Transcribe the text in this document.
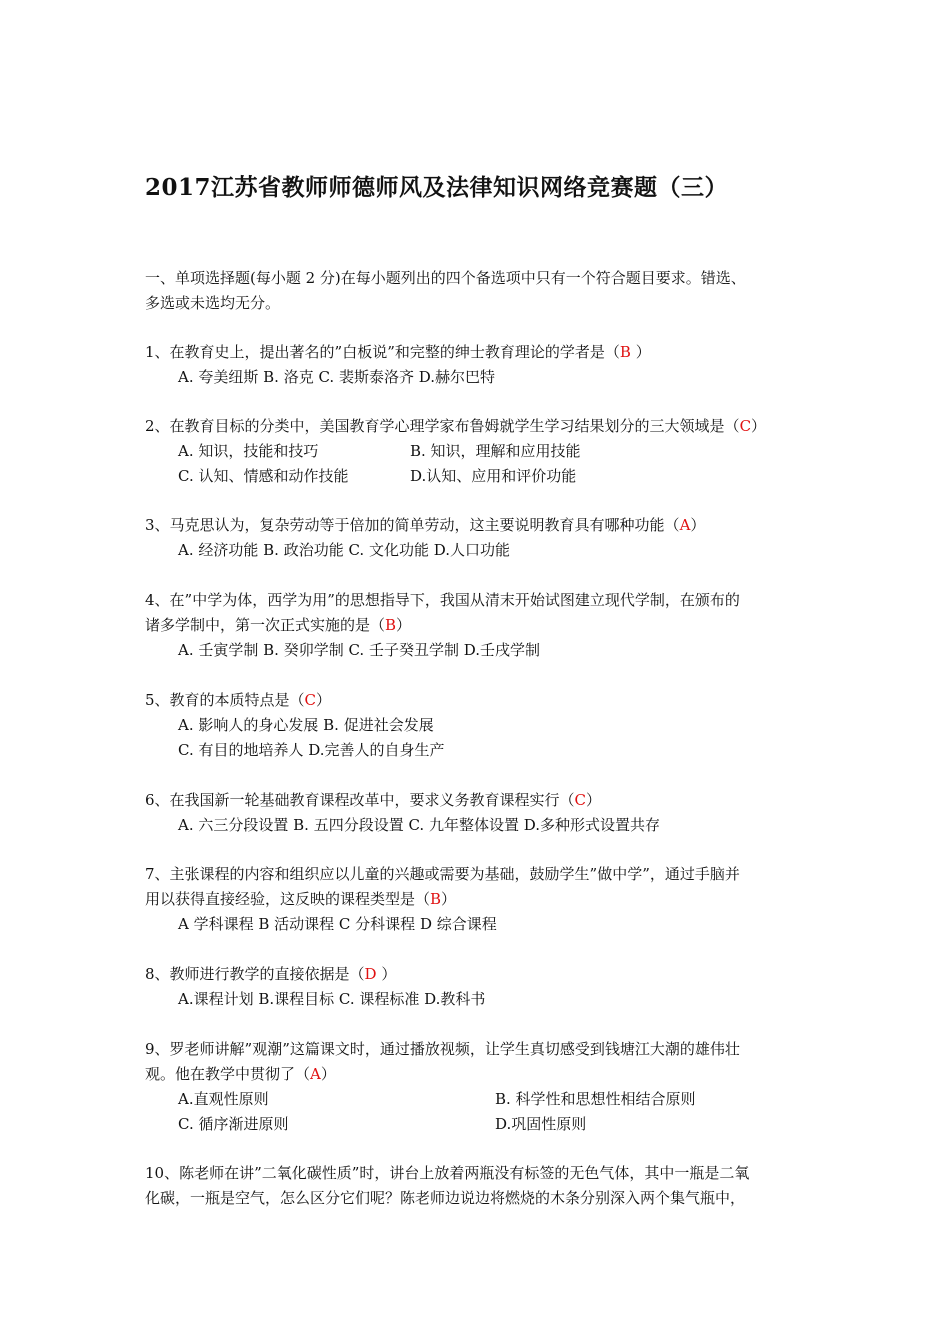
2017江苏省教师师德师风及法律知识网络竞赛题（三）
一、单项选择题(每小题 2 分)在每小题列出的四个备选项中只有一个符合题目要求。错选、
多选或未选均无分。
1、在教育史上，提出著名的”白板说”和完整的绅士教育理论的学者是（B ）
A. 夸美纽斯 B. 洛克 C. 裴斯泰洛齐 D.赫尔巴特
2、在教育目标的分类中，美国教育学心理学家布鲁姆就学生学习结果划分的三大领域是（C）
A. 知识，技能和技巧	B. 知识，理解和应用技能
C. 认知、情感和动作技能	D.认知、应用和评价功能
3、马克思认为，复杂劳动等于倍加的简单劳动，这主要说明教育具有哪种功能（A）
A. 经济功能 B. 政治功能 C. 文化功能 D.人口功能
4、在”中学为体，西学为用”的思想指导下，我国从清末开始试图建立现代学制，在颁布的
诸多学制中，第一次正式实施的是（B）
A. 壬寅学制 B. 癸卯学制 C. 壬子癸丑学制 D.壬戌学制
5、教育的本质特点是（C）
A. 影响人的身心发展 B. 促进社会发展
C. 有目的地培养人 D.完善人的自身生产
6、在我国新一轮基础教育课程改革中，要求义务教育课程实行（C）
A. 六三分段设置 B. 五四分段设置 C. 九年整体设置 D.多种形式设置共存
7、主张课程的内容和组织应以儿童的兴趣或需要为基础，鼓励学生”做中学”，通过手脑并
用以获得直接经验，这反映的课程类型是（B）
A 学科课程 B 活动课程 C 分科课程 D 综合课程
8、教师进行教学的直接依据是（D ）
A.课程计划 B.课程目标 C. 课程标准 D.教科书
9、罗老师讲解”观潮”这篇课文时，通过播放视频，让学生真切感受到钱塘江大潮的雄伟壮
观。他在教学中贯彻了（A）
A.直观性原则	B. 科学性和思想性相结合原则
C. 循序渐进原则	D.巩固性原则
10、陈老师在讲”二氧化碳性质”时，讲台上放着两瓶没有标签的无色气体，其中一瓶是二氧
化碳，一瓶是空气，怎么区分它们呢？陈老师边说边将燃烧的木条分别深入两个集气瓶中，
